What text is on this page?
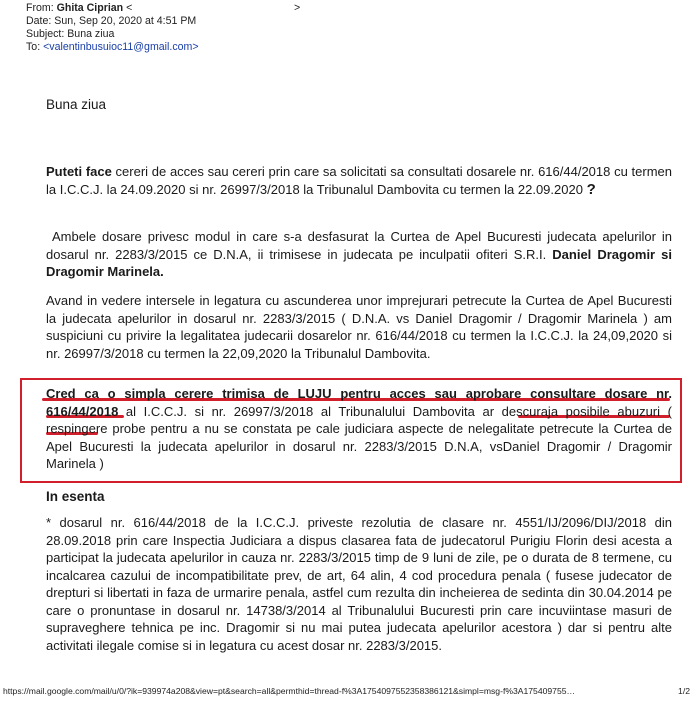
From: Ghita Ciprian <	>
Date: Sun, Sep 20, 2020 at 4:51 PM
Subject: Buna ziua
To: <valentinbusuioc11@gmail.com>
Buna ziua
Puteti face cereri de acces sau cereri prin care sa solicitati sa consultati dosarele nr. 616/44/2018 cu termen la I.C.C.J. la 24.09.2020 si nr. 26997/3/2018 la Tribunalul Dambovita cu termen la 22.09.2020 ?
Ambele dosare privesc modul in care s-a desfasurat la Curtea de Apel Bucuresti judecata apelurilor in dosarul nr. 2283/3/2015 ce D.N.A, ii trimisese in judecata pe inculpatii ofiteri S.R.I. Daniel Dragomir si Dragomir Marinela.
Avand in vedere intersele in legatura cu ascunderea unor imprejurari petrecute la Curtea de Apel Bucuresti la judecata apelurilor in dosarul nr. 2283/3/2015 ( D.N.A. vs Daniel Dragomir / Dragomir Marinela ) am suspiciuni cu privire la legalitatea judecarii dosarelor nr. 616/44/2018 cu termen la I.C.C.J. la 24,09,2020 si nr. 26997/3/2018 cu termen la 22,09,2020 la Tribunalul Dambovita.
Cred ca o simpla cerere trimisa de LUJU pentru acces sau aprobare consultare dosare nr. 616/44/2018 al I.C.C.J. si nr. 26997/3/2018 al Tribunalului Dambovita ar descuraja posibile abuzuri ( respingere probe pentru a nu se constata pe cale judiciara aspecte de nelegalitate petrecute la Curtea de Apel Bucuresti la judecata apelurilor in dosarul nr. 2283/3/2015 D.N.A, vsDaniel Dragomir / Dragomir Marinela )
In esenta
* dosarul nr. 616/44/2018 de la I.C.C.J. priveste rezolutia de clasare nr. 4551/IJ/2096/DIJ/2018 din 28.09.2018 prin care Inspectia Judiciara a dispus clasarea fata de judecatorul Purigiu Florin desi acesta a participat la judecata apelurilor in cauza nr. 2283/3/2015 timp de 9 luni de zile, pe o durata de 8 termene, cu incalcarea cazului de incompatibilitate prev, de art, 64 alin, 4 cod procedura penala ( fusese judecator de drepturi si libertati in faza de urmarire penala, astfel cum rezulta din incheierea de sedinta din 30.04.2014 pe care o pronuntase in dosarul nr. 14738/3/2014 al Tribunalului Bucuresti prin care incuviintase masuri de supraveghere tehnica pe inc. Dragomir si nu mai putea judecata apelurilor acestora ) dar si pentru alte activitati ilegale comise si in legatura cu acest dosar nr. 2283/3/2015.
https://mail.google.com/mail/u/0/?ik=939974a208&view=pt&search=all&permthid=thread-f%3A1754097552358386121&simpl=msg-f%3A175409755…	1/2
